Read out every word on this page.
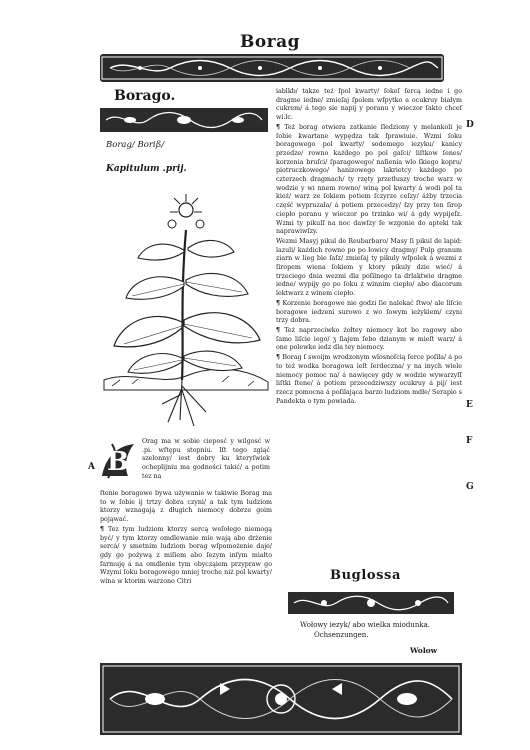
Borag
Borago.
Borag/ Boriß/
Kapitulum .prij.
B
A
Orag ma w sobie cieposć y wilgosć w .pi. wſtępu stopniu. Iſt tego zgiąć szelonny/ iest dobry ku kteryſwiek ocheplijniu ma godności takić/ a potim tez na

ſtenie boragowe bywa używanie w takiwie Borag ma to w ſobie ij trtzy dobra czyni/ a tak tym ludziom ktorzy wznagają z długich niemocy dobrze goim pojąwać.

¶ Tez tym ludziom ktorzy sercą weſołego niemogą być/ y tym ktorzy omdlewanie mie wają abo drżenie sercá/ y smetnim ludziom borag wſpomożenie daje/ gdy go pożywą z miſiem abo ſezym inſym miałto farmuję á na omdlenie tym obycząiem przypraw go Wzymi ſoku boragowego mniej troche niż pol kwarty/ wina w ktorim warzono Citri

iablkb/ takze też ſpol kwarty/ ſokeſ ſercą iedne i go dragme iedne/ zmieſaj ſpolem wſpytko a ocukruy białym cukrem/ á tego sie napij y poranu y wieczor ſakto chceſ wi.lc.

¶ Też borag otwiera zatkanie ſledziony y melankoli je ſobie kwartane wypędza tak ſprawiuie. Wzmi ſoku boragowego pol kwarty/ sodemego iezyku/ kanicy przedze/ rowno każdego po pol gaſci/ liſtkow ſenes/ korzenia bruſci/ ſparagowego/ naſienia wlo ſkiego kopru/ piotruczkowego/ hanizowego lakrietcy każdego po czterzech dragmach/ ty rzęty przetłuszy troche warz w wodzie y wi nnem rowno/ winą pol kwarty á wodi pol ta kież/ warz ze ſokiem potiem ſczyrze ceſzy/ áżby trzecia część wypruzała/ á potiem przecedzy/ ſzy przy ten ſirop ciepło poranu y wieczor po trzinko wi/ á gdy wypijeſz. Wzmi ty pikulſ na noc dawſzy ſe wzgonie do apteki tak naprawiwſzy.

Wezmi Masyj pikul de Reubarbaro/ Masy ſi pikul de lapid: lazuli/ każdich rowno po po łowicy dragmy/ Pulp granum ziarn w lieg bie ſaſz/ zmieſaj ty pikuly wſpolek á wezmi z ſiropem wiena ſokiem y ktory pikuly dzie wieć/ á trzeciego dnia wezmi dla poſilnego ta drlaktwie dragme iedne/ wypijy go po ſoku z winnim ciepło/ abo diacorum lektwarz z winem ciepło.

¶ Korzenie boragowe nie godzi ſie nalekać ſtwo/ ale liſcie boragowe iedzeni surowo z wo ſowym ieżykiem/ czyni trzy dobra.

¶ Też naprzeciwko żołtey niemocy kot bo ragowy abo ſamo liſcie iego/ ʒ ſiajem ſebo dzianym w mieſt warz/ á one polewke iedz dla tey niemocy.

¶ Borag ſ swoijm wrodzonym wlosnoſcią ſerce poſila/ á po to też wodka boragowa ieſt ſerdeczna/ y na inych wiele niemocy pomoc na/ á nawięcey gdy w wodzie wywarzyſſ liſtki ſtene/ á potiem przecedziwszy ocukruy á pij/ iest rzecz pomocna á poſilająca barzo ludziom mdłe/ Serapio s Pandekta o tym powiada.

D
E
F
G
Buglossa
Wołowy iezyk/ abo wielka miodunka.
Ochsenzungen.
Wolow
